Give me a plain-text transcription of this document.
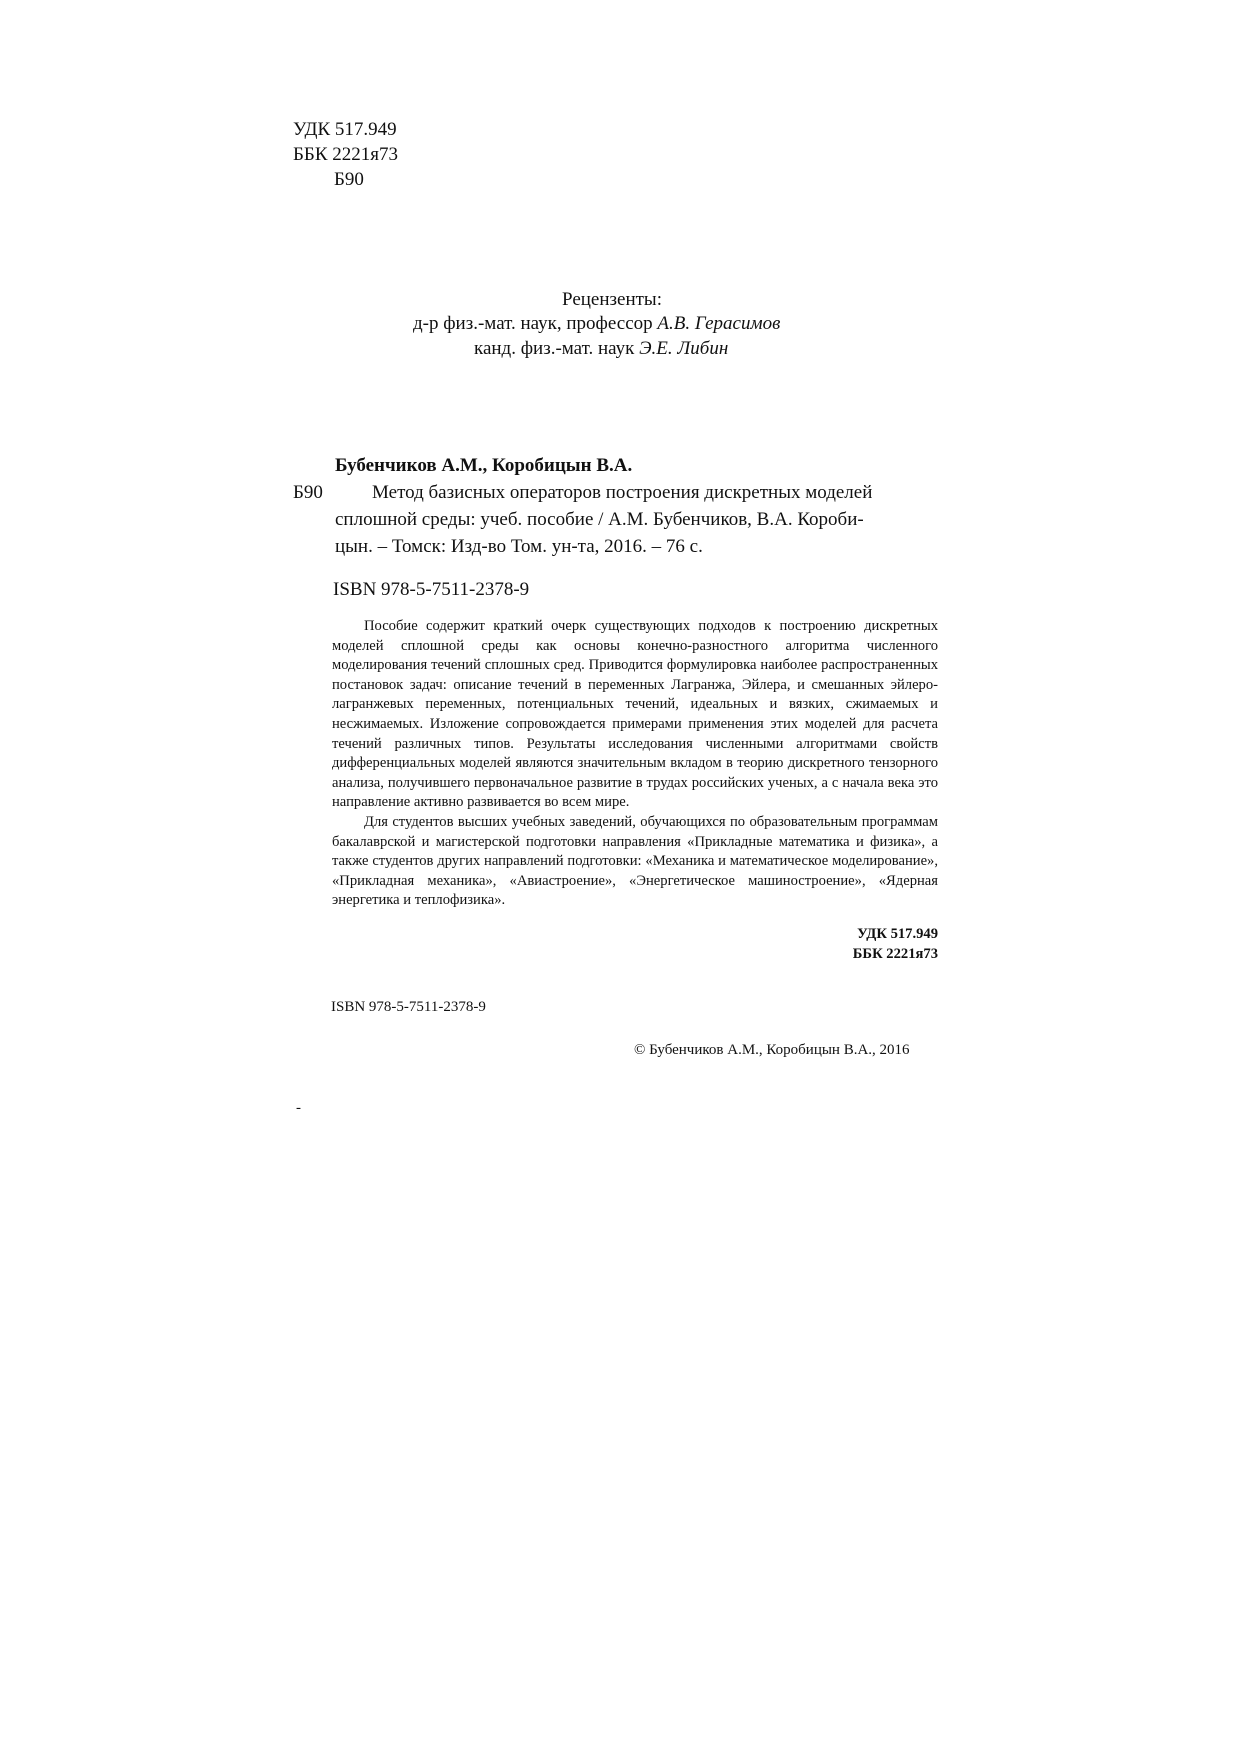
УДК 517.949
ББК 2221я73
Б90
Рецензенты:
д-р физ.-мат. наук, профессор А.В. Герасимов
канд. физ.-мат. наук Э.Е. Либин
Бубенчиков А.М., Коробицын В.А.
Б90	Метод базисных операторов построения дискретных моделей
сплошной среды: учеб. пособие / А.М. Бубенчиков, В.А. Короби-
цын. – Томск: Изд-во Том. ун-та, 2016. – 76 с.
ISBN 978-5-7511-2378-9

Пособие содержит краткий очерк существующих подходов к построению дискретных моделей сплошной среды как основы конечно-разностного алгоритма численного моделирования течений сплошных сред. Приводится формулировка наиболее распространенных постановок задач: описание течений в переменных Лагранжа, Эйлера, и смешанных эйлеро-лагранжевых переменных, потенциальных течений, идеальных и вязких, сжимаемых и несжимаемых. Изложение сопровождается примерами применения этих моделей для расчета течений различных типов. Результаты исследования численными алгоритмами свойств дифференциальных моделей являются значительным вкладом в теорию дискретного тензорного анализа, получившего первоначальное развитие в трудах российских ученых, а с начала века это направление активно развивается во всем мире.

Для студентов высших учебных заведений, обучающихся по образовательным программам бакалаврской и магистерской подготовки направления «Прикладные математика и физика», а также студентов других направлений подготовки: «Механика и математическое моделирование», «Прикладная механика», «Авиастроение», «Энергетическое машиностроение», «Ядерная энергетика и теплофизика».

УДК 517.949
ББК 2221я73
ISBN 978-5-7511-2378-9
© Бубенчиков А.М., Коробицын В.А., 2016
-
